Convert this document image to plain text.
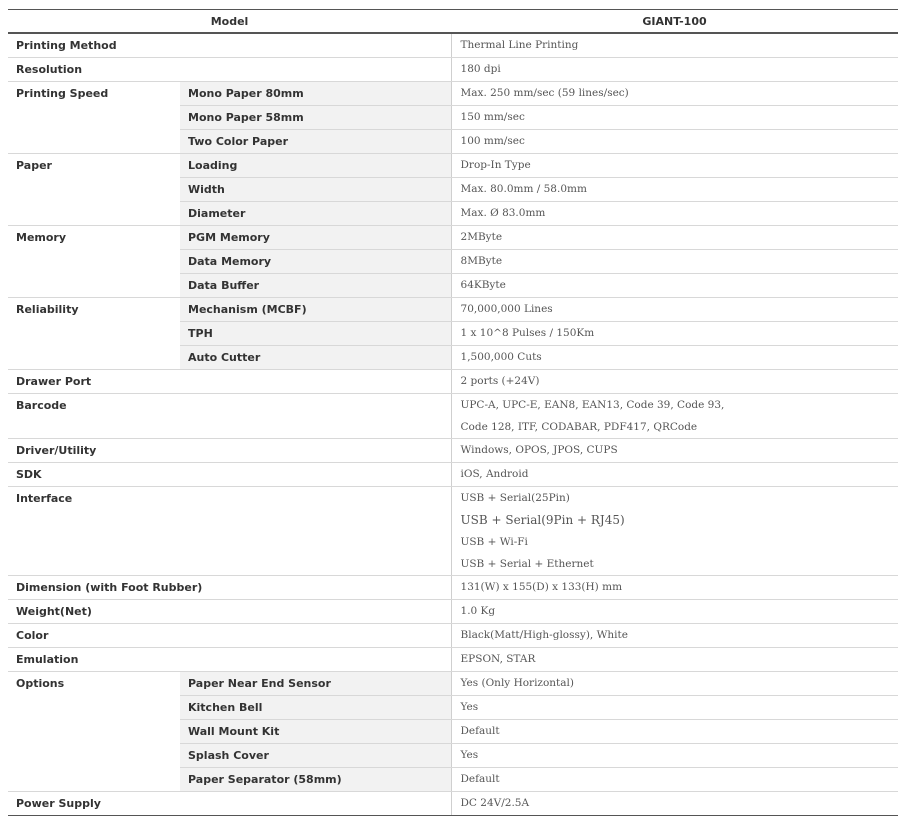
Model		GIANT-100
Printing Method		Thermal Line Printing
Resolution		180 dpi
Printing Speed	Mono Paper 80mm	Max. 250 mm/sec (59 lines/sec)
	Mono Paper 58mm	150 mm/sec
	Two Color Paper	100 mm/sec
Paper	Loading	Drop-In Type
	Width	Max. 80.0mm / 58.0mm
	Diameter	Max. Ø 83.0mm
Memory	PGM Memory	2MByte
	Data Memory	8MByte
	Data Buffer	64KByte
Reliability	Mechanism (MCBF)	70,000,000 Lines
	TPH	1 x 10^8 Pulses / 150Km
	Auto Cutter	1,500,000 Cuts
Drawer Port		2 ports (+24V)
Barcode		UPC-A, UPC-E, EAN8, EAN13, Code 39, Code 93,
Code 128, ITF, CODABAR, PDF417, QRCode

Driver/Utility		Windows, OPOS, JPOS, CUPS
SDK		iOS, Android
Interface		USB + Serial(25Pin)
USB + Serial(9Pin + RJ45)
USB + Wi-Fi
USB + Serial + Ethernet

Dimension (with Foot Rubber)		131(W) x 155(D) x 133(H) mm
Weight(Net)		1.0 Kg
Color		Black(Matt/High-glossy), White
Emulation		EPSON, STAR
Options	Paper Near End Sensor	Yes (Only Horizontal)
	Kitchen Bell	Yes
	Wall Mount Kit	Default
	Splash Cover	Yes
	Paper Separator (58mm)	Default
Power Supply		DC 24V/2.5A
